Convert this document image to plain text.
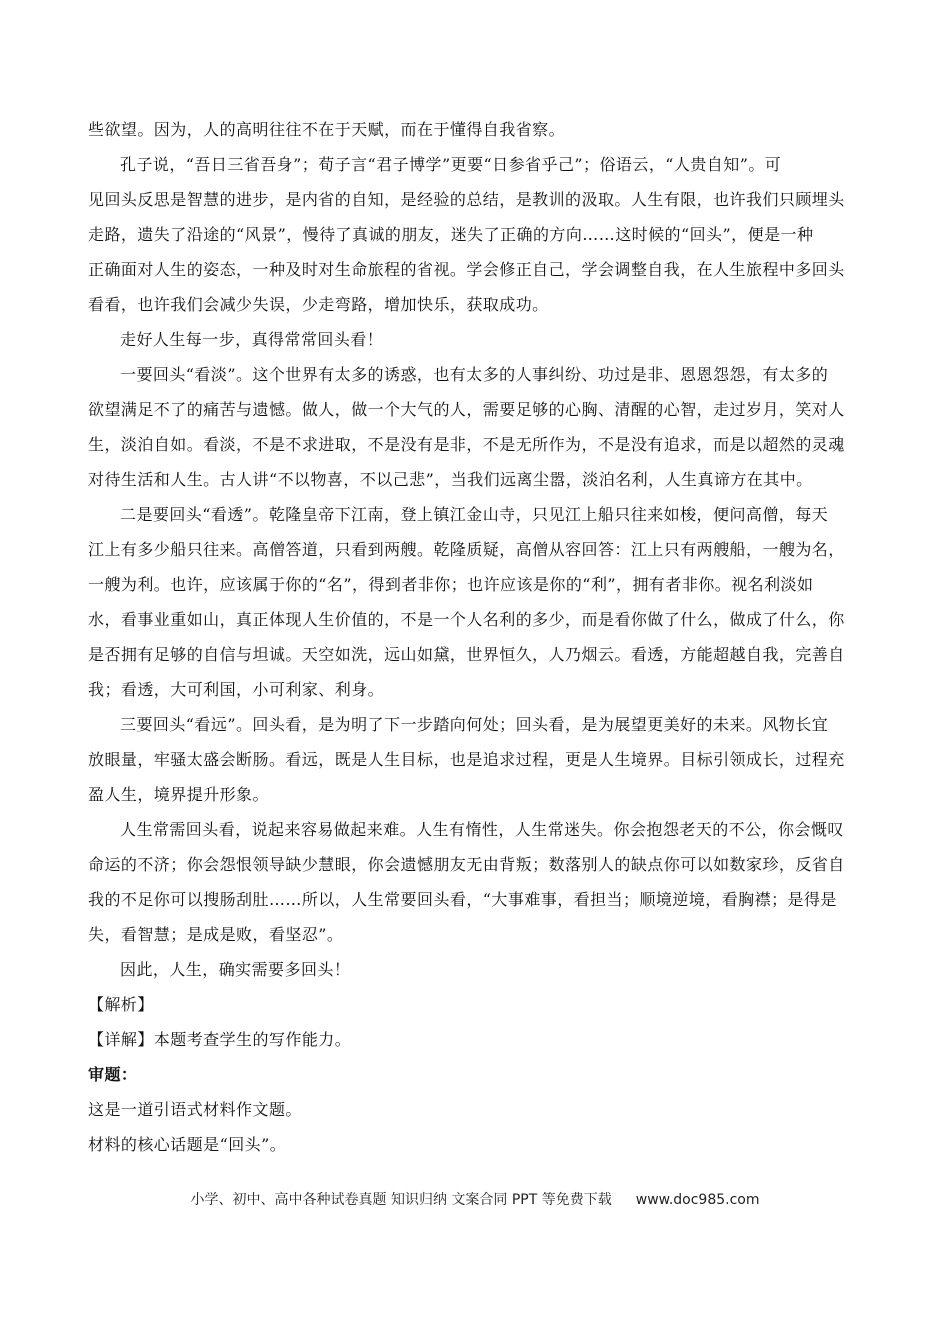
些欲望。因为，人的高明往往不在于天赋，而在于懂得自我省察。
孔子说，“吾日三省吾身”；荀子言“君子博学”更要“日参省乎己”；俗语云，“人贵自知”。可
见回头反思是智慧的进步，是内省的自知，是经验的总结，是教训的汲取。人生有限，也许我们只顾埋头
走路，遗失了沿途的“风景”，慢待了真诚的朋友，迷失了正确的方向……这时候的“回头”，便是一种
正确面对人生的姿态，一种及时对生命旅程的省视。学会修正自己，学会调整自我，在人生旅程中多回头
看看，也许我们会减少失误，少走弯路，增加快乐，获取成功。
走好人生每一步，真得常常回头看！
一要回头“看淡”。这个世界有太多的诱惑，也有太多的人事纠纷、功过是非、恩恩怨怨，有太多的
欲望满足不了的痛苦与遗憾。做人，做一个大气的人，需要足够的心胸、清醒的心智，走过岁月，笑对人
生，淡泊自如。看淡，不是不求进取，不是没有是非，不是无所作为，不是没有追求，而是以超然的灵魂
对待生活和人生。古人讲“不以物喜，不以己悲”，当我们远离尘嚣，淡泊名利，人生真谛方在其中。
二是要回头“看透”。乾隆皇帝下江南，登上镇江金山寺，只见江上船只往来如梭，便问高僧，每天
江上有多少船只往来。高僧答道，只看到两艘。乾隆质疑，高僧从容回答：江上只有两艘船，一艘为名，
一艘为利。也许，应该属于你的“名”，得到者非你；也许应该是你的“利”，拥有者非你。视名利淡如
水，看事业重如山，真正体现人生价值的，不是一个人名利的多少，而是看你做了什么，做成了什么，你
是否拥有足够的自信与坦诚。天空如洗，远山如黛，世界恒久，人乃烟云。看透，方能超越自我，完善自
我；看透，大可利国，小可利家、利身。
三要回头“看远”。回头看，是为明了下一步踏向何处；回头看，是为展望更美好的未来。风物长宜
放眼量，牢骚太盛会断肠。看远，既是人生目标，也是追求过程，更是人生境界。目标引领成长，过程充
盈人生，境界提升形象。
人生常需回头看，说起来容易做起来难。人生有惰性，人生常迷失。你会抱怨老天的不公，你会慨叹
命运的不济；你会怨恨领导缺少慧眼，你会遗憾朋友无由背叛；数落别人的缺点你可以如数家珍，反省自
我的不足你可以搜肠刮肚……所以，人生常要回头看，“大事难事，看担当；顺境逆境，看胸襟；是得是
失，看智慧；是成是败，看坚忍”。
因此，人生，确实需要多回头！
【解析】
【详解】本题考查学生的写作能力。
审题：
这是一道引语式材料作文题。
材料的核心话题是“回头”。
小学、初中、高中各种试卷真题 知识归纳 文案合同 PPT 等免费下载 www.doc985.com
